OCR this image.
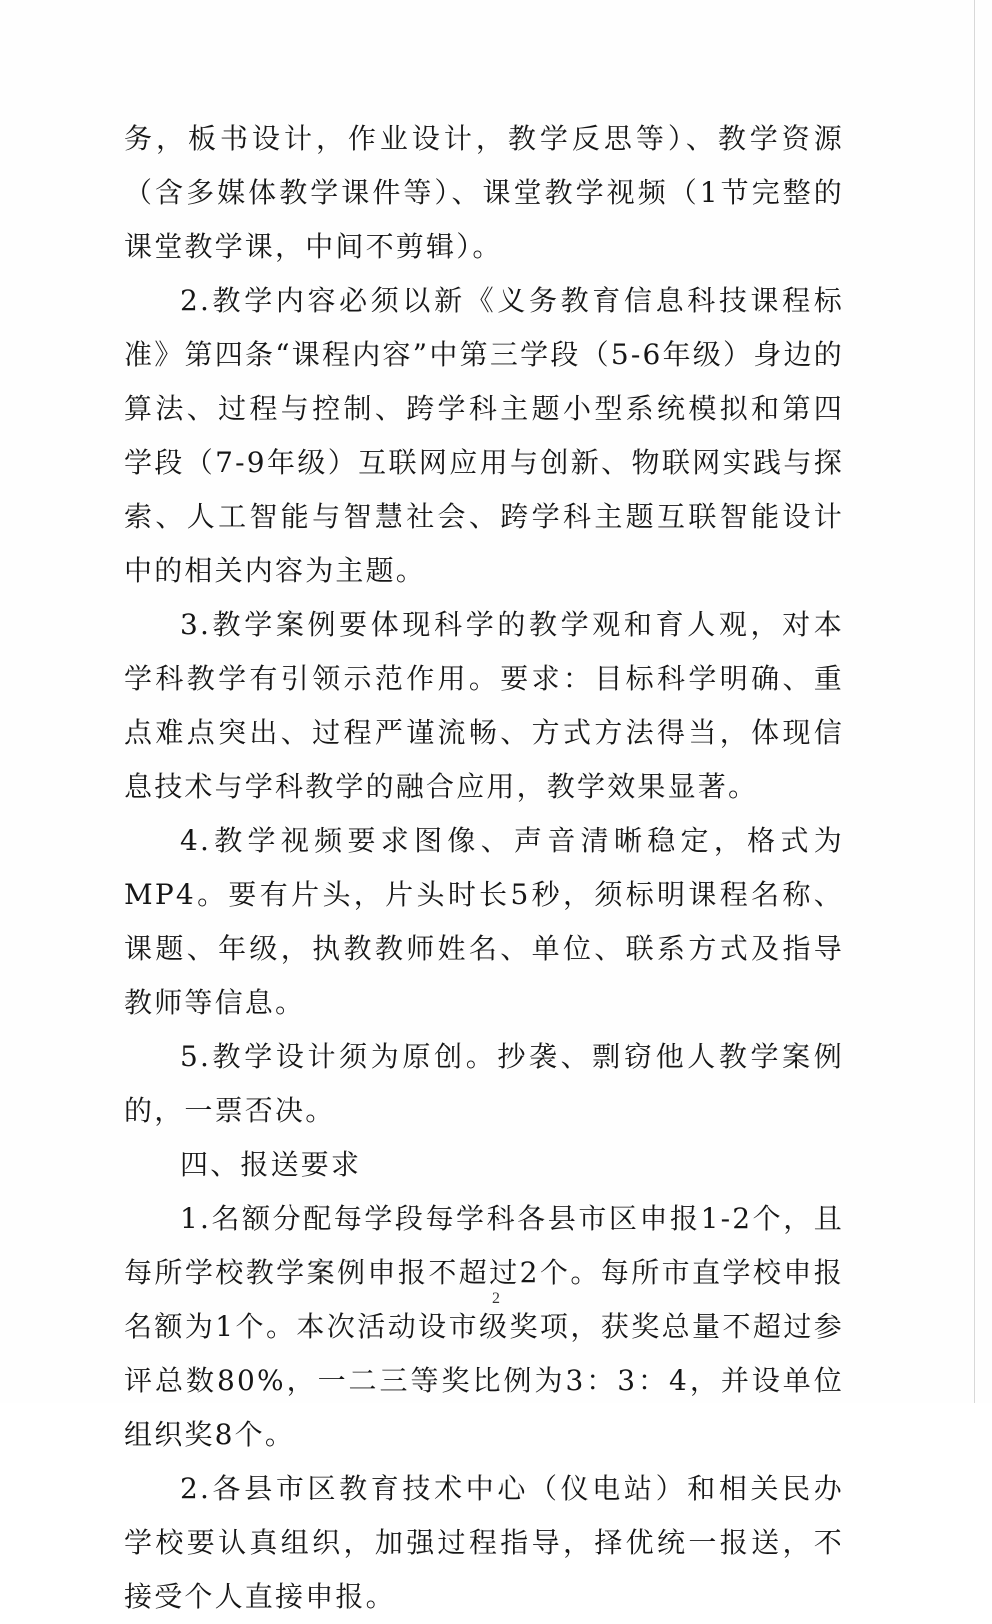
务，板书设计，作业设计，教学反思等）、教学资源（含多媒体教学课件等）、课堂教学视频（1节完整的课堂教学课，中间不剪辑）。

2.教学内容必须以新《义务教育信息科技课程标准》第四条“课程内容”中第三学段（5-6年级）身边的算法、过程与控制、跨学科主题小型系统模拟和第四学段（7-9年级）互联网应用与创新、物联网实践与探索、人工智能与智慧社会、跨学科主题互联智能设计中的相关内容为主题。

3.教学案例要体现科学的教学观和育人观，对本学科教学有引领示范作用。要求：目标科学明确、重点难点突出、过程严谨流畅、方式方法得当，体现信息技术与学科教学的融合应用，教学效果显著。

4.教学视频要求图像、声音清晰稳定，格式为MP4。要有片头，片头时长5秒，须标明课程名称、课题、年级，执教教师姓名、单位、联系方式及指导教师等信息。

5.教学设计须为原创。抄袭、剽窃他人教学案例的，一票否决。

四、报送要求

1.名额分配每学段每学科各县市区申报1-2个，且每所学校教学案例申报不超过2个。每所市直学校申报名额为1个。本次活动设市级奖项，获奖总量不超过参评总数80%，一二三等奖比例为3：3：4，并设单位组织奖8个。

2.各县市区教育技术中心（仪电站）和相关民办学校要认真组织，加强过程指导，择优统一报送，不接受个人直接申报。

2
